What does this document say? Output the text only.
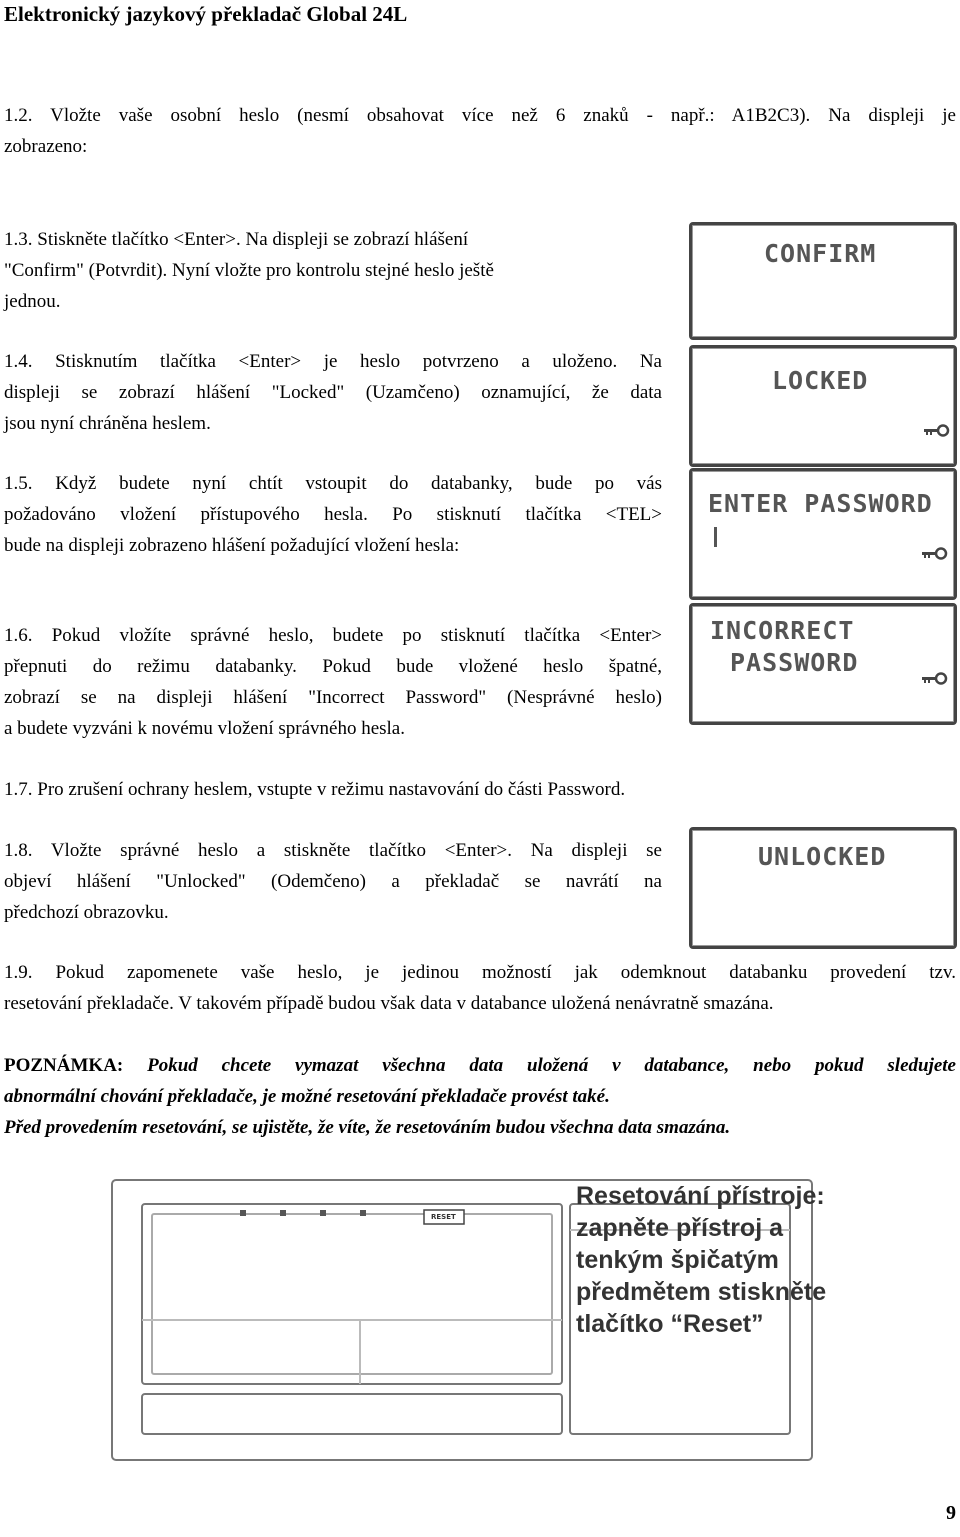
Elektronický jazykový překladač Global 24L
1.2. Vložte vaše osobní heslo (nesmí obsahovat více než 6 znaků - např.: A1B2C3). Na displeji je
zobrazeno:
1.3. Stiskněte tlačítko <Enter>. Na displeji se zobrazí hlášení
"Confirm" (Potvrdit). Nyní vložte pro kontrolu stejné heslo ještě
jednou.
1.4. Stisknutím tlačítka <Enter> je heslo potvrzeno a uloženo. Na
displeji se zobrazí hlášení "Locked" (Uzamčeno) oznamující, že data
jsou nyní chráněna heslem.
1.5. Když budete nyní chtít vstoupit do databanky, bude po vás
požadováno vložení přístupového hesla. Po stisknutí tlačítka <TEL>
bude na displeji zobrazeno hlášení požadující vložení hesla:
1.6. Pokud vložíte správné heslo, budete po stisknutí tlačítka <Enter>
přepnuti do režimu databanky. Pokud bude vložené heslo špatné,
zobrazí se na displeji hlášení "Incorrect Password" (Nesprávné heslo)
a budete vyzváni k novému vložení správného hesla.
1.7. Pro zrušení ochrany heslem, vstupte v režimu nastavování do části Password.
1.8. Vložte správné heslo a stiskněte tlačítko <Enter>. Na displeji se
objeví hlášení "Unlocked" (Odemčeno) a překladač se navrátí na
předchozí obrazovku.
1.9. Pokud zapomenete vaše heslo, je jedinou možností jak odemknout databanku provedení tzv.
resetování překladače. V takovém případě budou však data v databance uložená nenávratně smazána.
POZNÁMKA: Pokud chcete vymazat všechna data uložená v databance, nebo pokud sledujete
abnormální chování překladače, je možné resetování překladače provést také.
Před provedením resetování, se ujistěte, že víte, že resetováním budou všechna data smazána.
CONFIRM
LOCKED
ENTER PASSWORD
INCORRECT
PASSWORD
UNLOCKED
RESET
Resetování přístroje:
zapněte přístroj a
tenkým špičatým
předmětem stiskněte
tlačítko “Reset”
9
